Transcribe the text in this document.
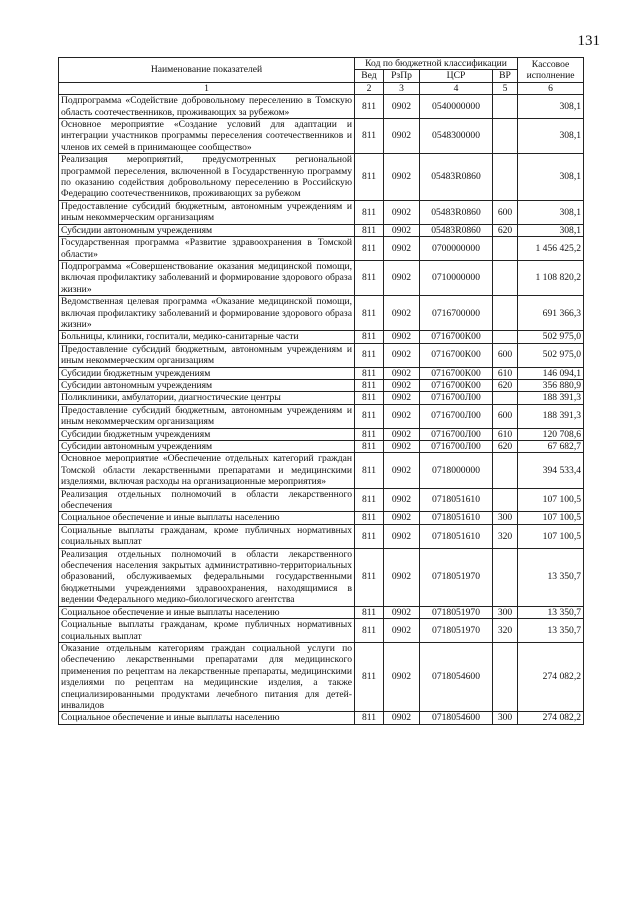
131
Наименование показателей	Код по бюджетной классификации				Кассовое исполнение
	Вед	РзПр	ЦСР	ВР	
1	2	3	4	5	6
Подпрограмма «Содействие добровольному переселению в Томскую область соотечественников, проживающих за рубежом»	811	0902	0540000000		308,1
Основное мероприятие «Создание условий для адаптации и интеграции участников программы переселения соотечественников и членов их семей в принимающее сообщество»	811	0902	0548300000		308,1
Реализация мероприятий, предусмотренных региональной программой переселения, включенной в Государственную программу по оказанию содействия добровольному переселению в Российскую Федерацию соотечественников, проживающих за рубежом	811	0902	05483R0860		308,1
Предоставление субсидий бюджетным, автономным учреждениям и иным некоммерческим организациям	811	0902	05483R0860	600	308,1
Субсидии автономным учреждениям	811	0902	05483R0860	620	308,1
Государственная программа «Развитие здравоохранения в Томской области»	811	0902	0700000000		1 456 425,2
Подпрограмма «Совершенствование оказания медицинской помощи, включая профилактику заболеваний и формирование здорового образа жизни»	811	0902	0710000000		1 108 820,2
Ведомственная целевая программа «Оказание медицинской помощи, включая профилактику заболеваний и формирование здорового образа жизни»	811	0902	0716700000		691 366,3
Больницы, клиники, госпитали, медико-санитарные части	811	0902	0716700К00		502 975,0
Предоставление субсидий бюджетным, автономным учреждениям и иным некоммерческим организациям	811	0902	0716700К00	600	502 975,0
Субсидии бюджетным учреждениям	811	0902	0716700К00	610	146 094,1
Субсидии автономным учреждениям	811	0902	0716700К00	620	356 880,9
Поликлиники, амбулатории, диагностические центры	811	0902	0716700Л00		188 391,3
Предоставление субсидий бюджетным, автономным учреждениям и иным некоммерческим организациям	811	0902	0716700Л00	600	188 391,3
Субсидии бюджетным учреждениям	811	0902	0716700Л00	610	120 708,6
Субсидии автономным учреждениям	811	0902	0716700Л00	620	67 682,7
Основное мероприятие «Обеспечение отдельных категорий граждан Томской области лекарственными препаратами и медицинскими изделиями, включая расходы на организационные мероприятия»	811	0902	0718000000		394 533,4
Реализация отдельных полномочий в области лекарственного обеспечения	811	0902	0718051610		107 100,5
Социальное обеспечение и иные выплаты населению	811	0902	0718051610	300	107 100,5
Социальные выплаты гражданам, кроме публичных нормативных социальных выплат	811	0902	0718051610	320	107 100,5
Реализация отдельных полномочий в области лекарственного обеспечения населения закрытых административно-территориальных образований, обслуживаемых федеральными государственными бюджетными учреждениями здравоохранения, находящимися в ведении Федерального медико-биологического агентства	811	0902	0718051970		13 350,7
Социальное обеспечение и иные выплаты населению	811	0902	0718051970	300	13 350,7
Социальные выплаты гражданам, кроме публичных нормативных социальных выплат	811	0902	0718051970	320	13 350,7
Оказание отдельным категориям граждан социальной услуги по обеспечению лекарственными препаратами для медицинского применения по рецептам на лекарственные препараты, медицинскими изделиями по рецептам на медицинские изделия, а также специализированными продуктами лечебного питания для детей-инвалидов	811	0902	0718054600		274 082,2
Социальное обеспечение и иные выплаты населению	811	0902	0718054600	300	274 082,2
